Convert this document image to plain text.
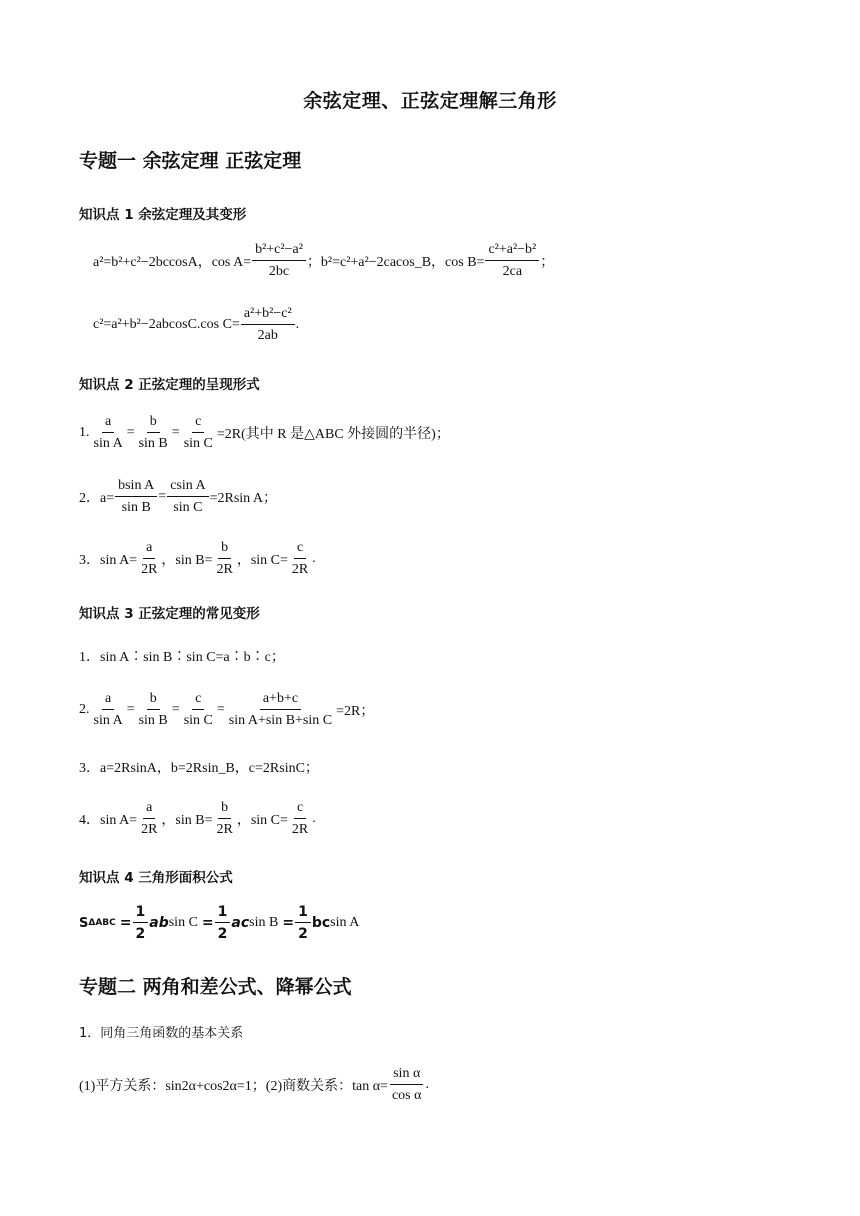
余弦定理、正弦定理解三角形
专题一 余弦定理 正弦定理
知识点 1 余弦定理及其变形
a²=b²+c²−2bccosA，$\cos A= \frac{\text{b²+c²−a²}}{2bc}$ ；b²=c²+a²−2cacos_B，$\cos B= \frac{\text{c²+a²−b²}}{2ca}$ ；
c²=a²+b²−2abcosC.cos $C= \frac{\text{a²+b²−c²}}{2ab}$ .
知识点 2 正弦定理的呈现形式
1. $\frac{a}{\text{sin A}} = \frac{b}{\text{sin B}} = \frac{c}{\text{sin C}} =2R$(其中 R 是△ABC 外接圆的半径)；
2．$a= \frac{\text{bsin A}}{\text{sin B}} = \frac{\text{csin A}}{\text{sin C}} =2Rsin$ A；
3．$\sin A= \frac{a}{2R}$ ，$\sin B= \frac{b}{2R}$ ，$\sin C= \frac{c}{2R}$ .
知识点 3 正弦定理的常见变形
1．sin A∶sin B∶sin C=a∶b∶c；
2. $\frac{a}{\text{sin A}} = \frac{b}{\text{sin B}} = \frac{c}{\text{sin C}} = \frac{a+b+c}{\text{sin A+sin B+sin C}} =2R$；
3．a=2RsinA，b=2Rsin_B，c=2RsinC；
4．$\sin A= \frac{a}{2R}$ ，$\sin B= \frac{b}{2R}$ ，$\sin C= \frac{c}{2R}$ .
知识点 4 三角形面积公式
S $\Delta ABC = \frac{1}{2}$ ab $\sin C = \frac{1}{2}$ ac $\sin B = \frac{1}{2}$ bc sin A
专题二 两角和差公式、降幂公式
1．同角三角函数的基本关系
(1)平方关系：sin2α+cos2α=1；(2)商数关系：$\tan \alpha= \frac{\text{sin α}}{\text{cos α}}$ .
